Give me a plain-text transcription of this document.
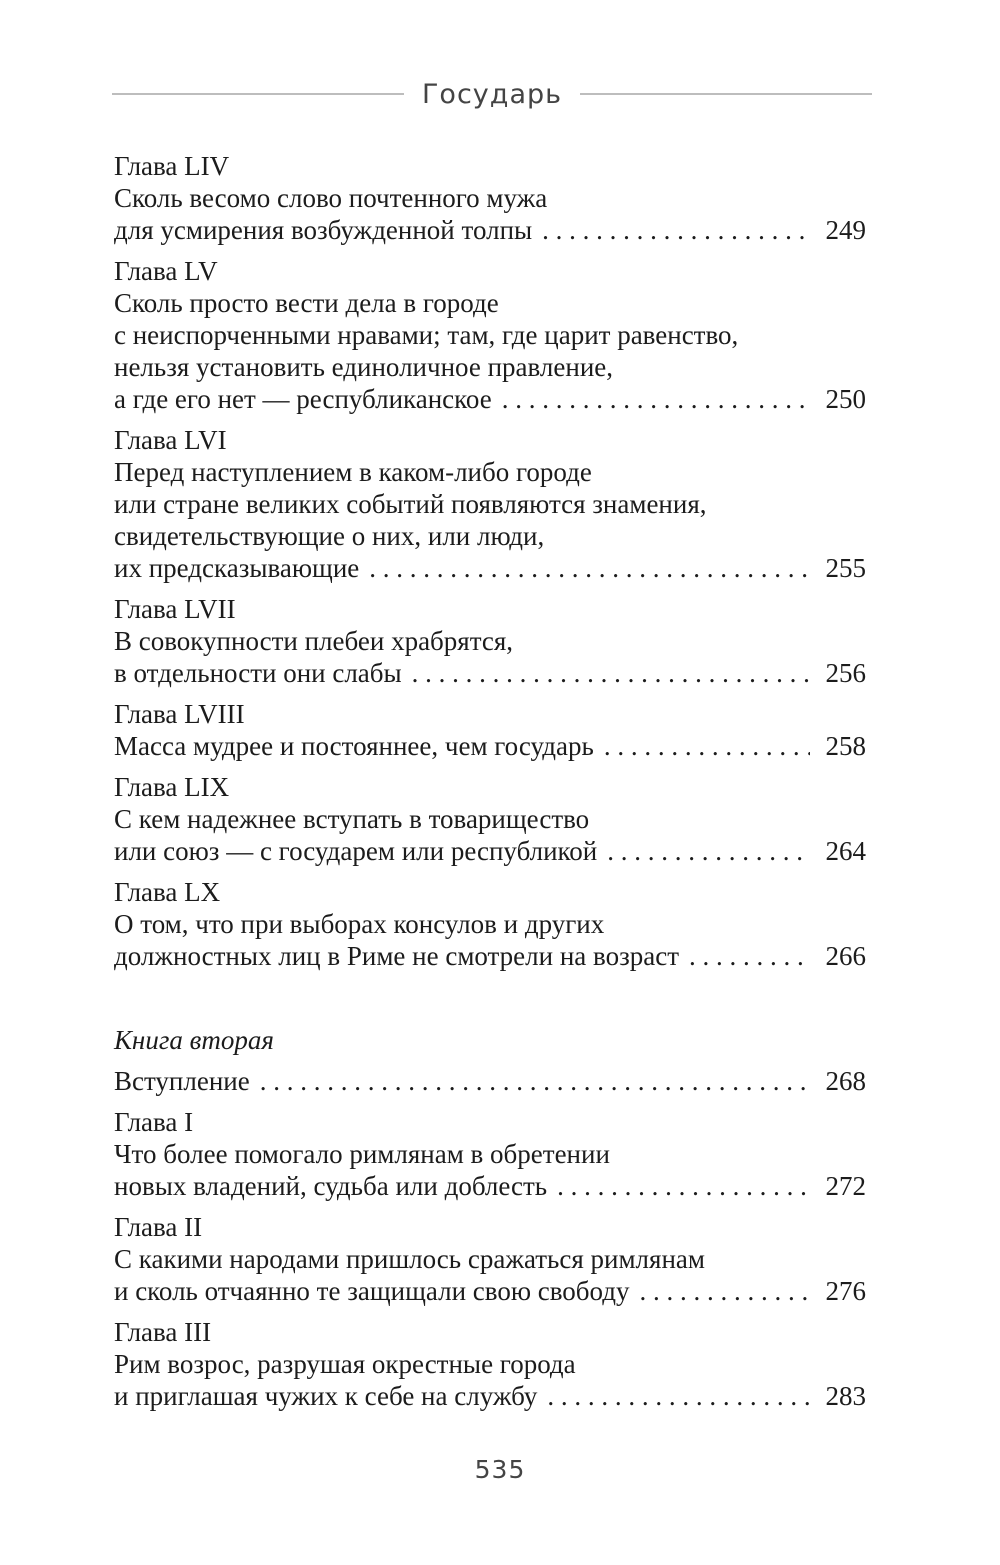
Государь
Глава LIV
Сколь весомо слово почтенного мужа
для усмирения возбужденной толпы . . .	249
Глава LV
Сколь просто вести дела в городе
с неиспорченными нравами; там, где царит равенство,
нельзя установить единоличное правление,
а где его нет — республиканское . . .	250
Глава LVI
Перед наступлением в каком-либо городе
или стране великих событий появляются знамения,
свидетельствующие о них, или люди,
их предсказывающие . . .	255
Глава LVII
В совокупности плебеи храбрятся,
в отдельности они слабы . . .	256
Глава LVIII
Масса мудрее и постояннее, чем государь . . .	258
Глава LIX
С кем надежнее вступать в товарищество
или союз — с государем или республикой . . .	264
Глава LX
О том, что при выборах консулов и других
должностных лиц в Риме не смотрели на возраст . . .	266
Книга вторая
Вступление . . .	268
Глава I
Что более помогало римлянам в обретении
новых владений, судьба или доблесть . . .	272
Глава II
С какими народами пришлось сражаться римлянам
и сколь отчаянно те защищали свою свободу . . .	276
Глава III
Рим возрос, разрушая окрестные города
и приглашая чужих к себе на службу . . .	283
535
